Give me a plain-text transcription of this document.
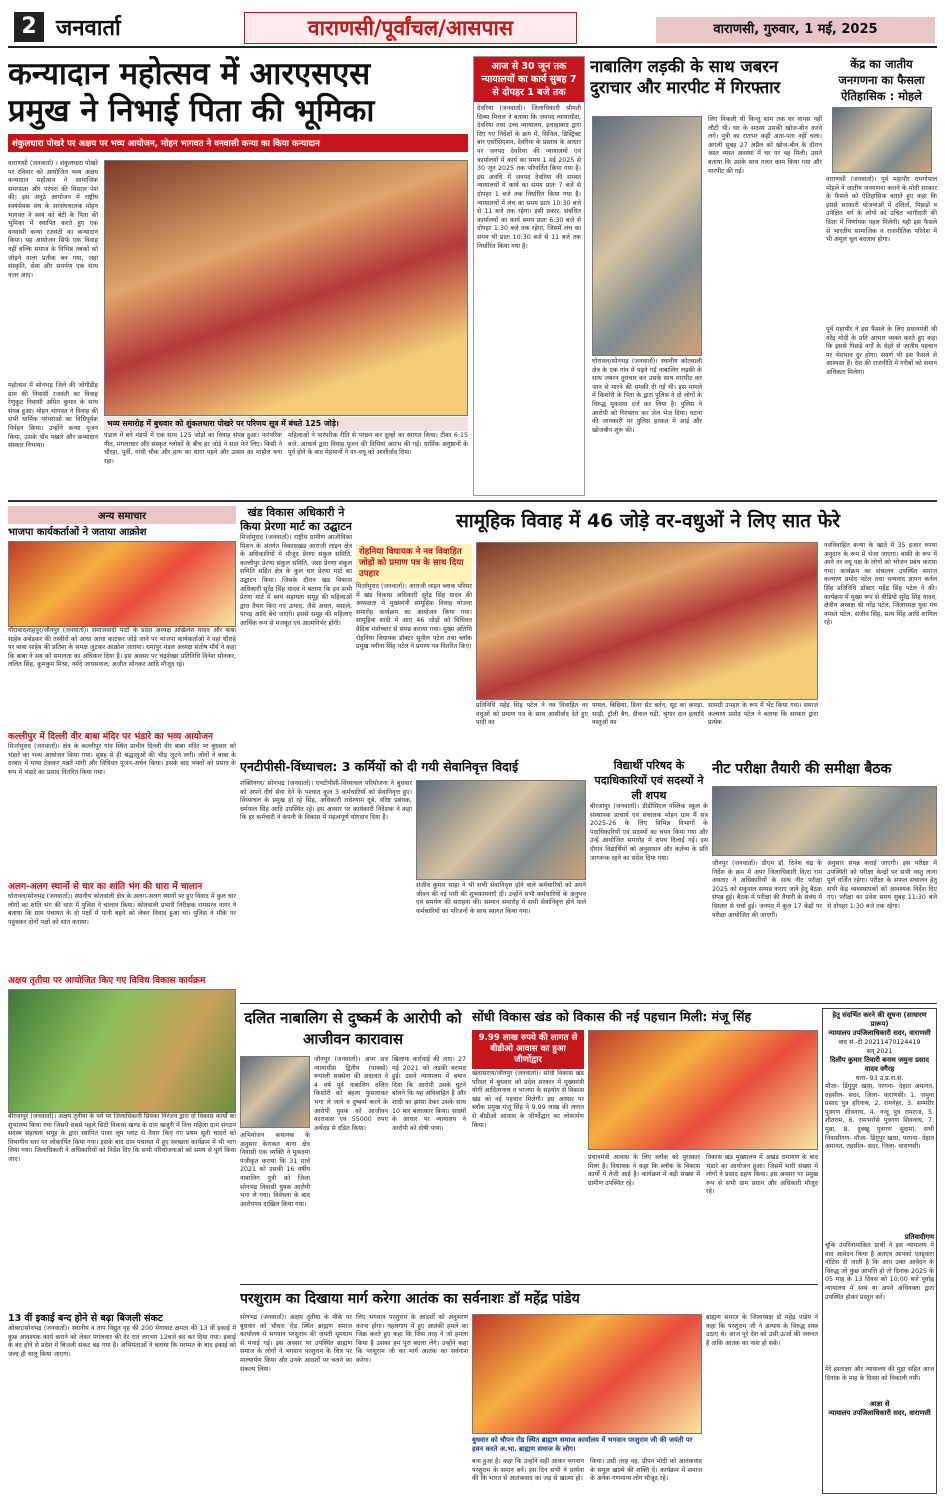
2 जनवार्ता	वाराणसी/पूर्वांचल/आसपास	वाराणसी, गुरुवार, 1 मई, 2025
कन्यादान महोत्सव में आरएसएस
प्रमुख ने निभाई पिता की भूमिका
शंकुलधारा पोखरे पर अक्षय पर भव्य आयोजन, मोहन भागवत ने वनवासी कन्या का किया कन्यादान
वाराणसी (जनवार्ता) । शंकुलधारा पोखरे पर रविवार को आयोजित भव्य अक्षय कन्यादान महोत्सव ने सामाजिक समरसता और परंपरा की मिसाल पेश की। इस अनूठे आयोजन में राष्ट्रीय स्वयंसेवक संघ के सरसंघचालक मोहन भागवत ने स्वयं को बेटी के पिता की भूमिका में स्थापित करते हुए एक वनवासी कन्या रजवंती का कन्यादान किया। यह आयोजन सिर्फ एक विवाह नहीं बल्कि समाज के विभिन्न तबकों को जोड़ने वाला प्रतीक बन गया, जहां संस्कृति, सेवा और समर्पण एक साथ नजर आए।
महोत्सव में सोनभद्र जिले की जोगीडीह ग्राम की निवासी रजवंती का विवाह रेणुकूट निवासी अमित कुमार के साथ संपन्न हुआ। मोहन भागवत ने विवाह की सभी धार्मिक परंपराओं का विधिपूर्वक निर्वहन किया। उन्होंने कन्या पूजन किया, उसके पाँव पखारे और कन्यादान संस्कार निभाया।
भव्य समारोह में बुधवार को शुंकलधारा पोखरे पर परिणय सूत्र में बंधते 125 जोड़े।
पंडाल में बने मंडपों में एक साथ 125 जोड़ों का विवाह संपन्न हुआ। पारंपरिक गीत, मंगलाचार और संस्कृत श्लोकों के बीच हर जोड़े ने सात फेरे लिए। किसी ने चौरहा, पूर्वी, गांधी चौक और हाथ का धागा पहने और उत्सव का माहौल बना रहा।
महिलाओं ने पारंपरिक रीति से परछन कर दूल्हों का स्वागत किया। टीका 6:15 बजे, आचार्य द्वारा विवाह पूजन की विधियां आरंभ की गईं। धार्मिक अनुष्ठानों के पूर्व होने के बाद मेहमानों ने वर-वधू को आशीर्वाद दिया।
आज से 30 जून तक न्यायालयों का कार्य सुबह 7 से दोपहर 1 बजे तक
देवरिया (जनवार्ता)। जिलाधिकारी श्रीमती दिव्या मित्तल ने बताया कि जनपद न्यायाधीश, देवरिया तथा उच्च न्यायालय, इलाहाबाद द्वारा दिए गए निर्देशों के क्रम में, सिविल, डिस्ट्रिक्ट बार एसोसिएशन, देवरिया के प्रस्ताव के आधार पर जनपद देवरिया की न्यायालयों एवं कार्यालयों में कार्य का समय 1 मई 2025 से 30 जून 2025 तक परिवर्तित किया गया है। इस अवधि में जनपद देवरिया की समस्त न्यायालयों में कार्य का समय प्रातः 7 बजे से दोपहर 1 बजे तक निर्धारित किया गया है। न्यायालयों में लंच का समय प्रातः 10:30 बजे से 11 बजे तक रहेगा। इसी प्रकार, संबंधित कार्यालयों का कार्य समय प्रातः 6:30 बजे से दोपहर 1:30 बजे तक रहेगा, जिसमें लंच का समय भी प्रातः 10:30 बजे से 11 बजे तक निर्धारित किया गया है।
नाबालिग लड़की के साथ जबरन दुराचार और मारपीट में गिरफ्तार
घोरावल/सोनभद्र (जनवार्ता)। स्थानीय कोतवाली क्षेत्र के एक गांव में पढ़ने गई नाबालिग लड़की के साथ जबरन दुराचार कर उसके साथ मारपीट कर जान से मारने की धमकी दी गई थी। इस मामले में किशोरी के पिता के द्वारा पुलिस ने दो लोगों के विरुद्ध मुकदमा दर्ज कर लिया है। पुलिस ने आरोपी को गिरफ्तार कर जेल भेज दिया। घटना की जानकारी पर पुलिस हरकत में आई और खोजबीन शुरू की।
लिए निकली थी किन्तु शाम तक घर वापस नहीं लौटी थी। घर के सदस्य उसकी खोज-बीन करने लगे। पुत्री का रातभर कहीं अता-पता नहीं चला। अगली सुबह 27 अप्रैल को खोज-बीन के दौरान अस्त व्यस्त अवस्था में घर पर वह मिली। उसने बताया कि उसके साथ गलत काम किया गया और मारपीट की गई।
केंद्र का जातीय
जनगणना का फैसला
ऐतिहासिक : मोहले
वाराणसी (जनवार्ता)। पूर्व महापौर रामगोपाल मोहले ने जातीय जनगणना कराने के मोदी सरकार के फैसले को ऐतिहासिक बताते हुए कहा कि इससे सरकारी योजनाओं में दलितों, पिछड़ों व उपेक्षित वर्ग के लोगों को उचित भागीदारी की दिशा में निर्णायक पहल मिलेगी। यही इस फैसले से भारतीय सामाजिक व राजनीतिक परिवेश में भी अमूल चूल बदलाव होगा।
पूर्व महापौर ने इस फैसले के लिए प्रधानमंत्री श्री नरेंद्र मोदी के प्रति आभार व्यक्त करते हुए कहा कि इससे पिछड़े वर्गों के चेहरे से जातीय पहचान पर भेदभाव दूर होगा। सवर्ण भी इस फैसले से आश्वस्त हैं। देश की राजनीति में गरीबों को समान अधिकार मिलेगा।
अन्य समाचार
भाजपा कार्यकर्ताओं ने जताया आक्रोश
गौराबादशाहपुर/जौनपुर (जनवार्ता)। समाजवादी पार्टी के प्रदेश अध्यक्ष अखिलेश यादव और बाबा साहेब अंबेडकर की तस्वीरों को आधा आधा काटकर जोड़े जाने पर भाजपा कार्यकर्ताओं ने वहां चौराहे पर बाबा साहेब की प्रतिमा के समक्ष जुटकर आक्रोश जताया। धमापुर मंडल अध्यक्ष संतोष मौर्य ने कहा कि बाबा ने सब को समानता का अधिकार दिया है। इस अवसर पर चंद्रशेखर प्रतिनिधि दिनेश सोनकर, ललित सिंह, कुमकुम मिश्रा, नर्मदे जायसवाल, अजीत सोनकर आदि मौजूद रहे।
कल्लीपुर में दिल्ली वीर बाबा मंदिर पर भंडारे का भव्य आयोजन
मिर्जामुराद (जनवार्ता)। क्षेत्र के कल्लीपुर गांव स्थित प्राचीन दिल्ली वीर बाबा मंदिर पर बुधवार को भंडारे का भव्य आयोजन किया गया। सुबह से ही श्रद्धालुओं की भीड़ जुटने लगी। लोगों ने बाबा के दरबार में माथा टेककर मन्नतें मांगी और विधिवत पूजन-अर्चन किया। इसके बाद भक्तों को प्रसाद के रूप में भंडारे का प्रसाद वितरित किया गया।
अलग-अलग स्थानों से चार का शांति भंग की धारा में चालान
घोरावल/सोनभद्र (जनवार्ता)। स्थानीय कोतवाली क्षेत्र के अलग-अलग स्थानों पर हुए विवाद में कुल चार लोगों का शांति भंग की धारा में पुलिस ने चालान किया। कोतवाली प्रभारी निरीक्षक रामसरन नागर ने बताया कि ग्राम पंचायत के दो पक्षों में पानी बहने को लेकर विवाद हुआ था। पुलिस ने मौके पर पहुंचकर दोनों पक्षों को शांत कराया।
अक्षय तृतीया पर आयोजित किए गए विविध विकास कार्यक्रम
बीरजापुर (जनवार्ता)। अक्षय तृतीया के पर्व पर जिलाधिकारी प्रियंका निरंजन द्वारा दो विकास कार्यों का शुभारम्भ किया गया जिसमें सबसे पहले सिटी विकास खण्ड के ग्राम खजुरी में वित्त महिला ग्राम संगठन सदस्य सहायता समूह के द्वारा स्थापित पावर लूम प्लांट से तैयार किए गए प्रथम सूती चादरों को विभागीय स्तर पर लोकार्पित किया गया। इसके बाद ग्राम पंचायत में हुए स्वच्छता कार्यक्रम में भी भाग लिया गया। जिलाधिकारी ने अधिकारियों को निर्देश दिए कि सभी परियोजनाओं को समय से पूर्ण किया जाए।
13 वीं इकाई बन्द होने से बढ़ा बिजली संकट
ओबरा/सोनभद्र (जनवार्ता)। स्थानीय व ताप विद्युत गृह की 200 मेगावाट क्षमता की 13 वीं इकाई में कुछ आवश्यक कार्य कराने को लेकर मंगलवार की देर रात लगभग 12बजे बंद कर दिया गया। इकाई के बंद होने से प्रदेश में बिजली संकट बढ़ गया है। अभियंताओं ने बताया कि मरम्मत के बाद इकाई को जल्द ही चालू किया जाएगा।
खंड विकास अधिकारी ने किया प्रेरणा मार्ट का उद्घाटन
मिर्जामुराद (जनवार्ता)। राष्ट्रीय ग्रामीण आजीविका मिशन के अंतर्गत विकासखंड आराजी लाइन क्षेत्र के अधिकारियों में मौजूद प्रेरणा संकुल समिति, कल्लीपुर प्रेरणा संकुल समिति, जंसा प्रेरणा संकुल समिति सहित क्षेत्र के कुल चार प्रेरणा मार्ट का उद्घाटन किया। जिसके दौरान खंड विकास अधिकारी सुरेंद्र सिंह यादव ने बताया कि इन सभी प्रेरणा मार्ट में स्वयं सहायता समूह की महिलाओं द्वारा तैयार किए गए उत्पाद, जैसे अचार, मसाले, पापड़ आदि बेचे जाएंगे। इससे समूह की महिलाएं आर्थिक रूप से मजबूत एवं आत्मनिर्भर होंगी।
रोहनिया विधायक ने नव विवाहित जोड़ों को प्रमाण पत्र के साथ दिया उपहार
मिर्जामुराद (जनवार्ता)। आराजी लाइन ब्लाक परिसर में खंड विकास अधिकारी सुरेंद्र सिंह यादव की अध्यक्षता में मुख्यमंत्री सामूहिक विवाह योजना समारोह कार्यक्रम का आयोजन किया गया। सामूहिक शादी में आए 46 जोड़ों को विधिवत वैदिक मंत्रोच्चार से संपन्न कराया गया। मुख्य अतिथि रोहनिया विधायक डॉक्टर सुनील पटेल तथा ब्लॉक प्रमुख नगीना सिंह पटेल ने प्रमाण पत्र वितरित किए।
सामूहिक विवाह में 46 जोड़े वर-वधुओं ने लिए सात फेरे
प्रतिनिधि महेंद्र सिंह पटेल ने नव विवाहित वर वधुओं को प्रमाण पत्र के साथ आशीर्वाद देते हुए पादी का
पायल, बिछिया, डिनर सेट बर्तन, सूट का कपड़ा, साड़ी, ट्रॉली बैग, दीवाल घड़ी, श्रृंगार दान इत्यादि वस्तुओं का
सामग्री उपहार के रूप में भेंट किया गया। समाज कल्याण प्रमोद पटेल ने बताया कि सरकार द्वारा प्रत्येक
नवविवाहित कन्या के खाते में 35 हजार रुपया अनुदान के रूप में भेजा जाएगा। बाकी के रूप में आने वर वधू पक्ष के लोगों को भोजन प्रबंध कराया गया। कार्यक्रम का संचालन उपस्थित समाज कल्याण प्रमोद पटेल तथा धन्यवाद ज्ञापन कर्नल सिंह प्रतिनिधि डॉक्टर महेंद्र सिंह पटेल ने की। कार्यक्रम में मुख्य रूप से वीडियो सुरेंद्र सिंह यादव, क्षेत्रीय अध्यक्ष श्री नरेंद्र पटेल, जिलाध्यक्ष युवा मंच नमस्ते पटेल, संजीव सिंह, सत्य सिंह आदि शामिल रहे।
एनटीपीसी-विंध्याचल: 3 कर्मियों को दी गयी सेवानिवृत्त विदाई
शक्तिनगर/ सोनभद्र (जनवार्ता)। एनटीपीसी-विंध्याचल परियोजना ने बुधवार को अपने दीर्घ सेवा देने के पश्चात कुल 3 कर्मचारियों को सेवानिवृत्त हुए। विंध्याचल के प्रमुख हो रहे सिंह, अधिकारी राधेश्याम दूबे, वरिष्ठ प्रबंधक, धर्मपाल सिंह आदि उपस्थित रहे। इस अवसर पर कार्यकारी निदेशक ने कहा कि हर कर्मचारी ने कंपनी के विकास में महत्वपूर्ण योगदान दिया है।
संजीव कुमार साहा ने भी सभी सेवानिवृत्त होने वाले कर्मचारियों को अपने जीवन की नई पारी की शुभकामनाएँ दीं। उन्होंने सभी कर्मचारियों के अनुभव एवं समर्पण की सराहना की। सम्मान समारोह में सभी सेवानिवृत्त होने वाले कर्मचारियों का परिजनों के साथ स्वागत किया गया।
विद्यार्थी परिषद के पदाधिकारियों एवं सदस्यों ने ली शपथ
बीरजापुर (जनवार्ता)। डीडीसिएल पब्लिक स्कूल के संस्थापक प्राचार्य एवं संचालक मोहन ग्राम मैं सत्र 2025-26 के लिए विभिन्न विभागों के पदाधिकारियों एवं सदस्यों का चयन किया गया और उन्हें आयोजित समारोह में शपथ दिलाई गई। इस दौरान विद्यार्थियों को अनुशासन और कर्तव्य के प्रति जागरूक रहने का संदेश दिया गया।
नीट परीक्षा तैयारी की समीक्षा बैठक
जौनपुर (जनवार्ता)। डीएम डॉ. दिनेश चंद्र के निर्देश के क्रम में अपर जिलाधिकारी वि/रा राम अवतार ने अधिकारियों के साथ नीट परीक्षा 2025 को सकुशल सम्पन्न कराए जाने हेतु बैठक संपन्न हुई। बैठक में परीक्षा की तैयारी के संबंध में विस्तार से चर्चा हुई। जनपद में कुल 17 केंद्रों पर परीक्षा आयोजित की जाएगी।
अनुसार संपन्न कराई जाएगी। इस परीक्षा में उपस्थिती को परीक्षा केन्द्रों पर सभी वस्तु लाना पूर्ण वर्जित रहेगा। परीक्षा के सफल संचालन हेतु सभी केंद्र व्यवस्थापकों को आवश्यक निर्देश दिए गए। परीक्षा का प्रवेश समय सुबह 11:30 बजे से दोपहर 1:30 बजे तक रहेगा।
दलित नाबालिग से दुष्कर्म के आरोपी को आजीवन कारावास
जौनपुर (जनवार्ता)। अपर सत्र न्यायाधीश द्वितीय (पाक्सो) रूपाली सक्सेना की अदालत ने 4 वर्ष पूर्व नाबालिग दलित किशोरी को बहला फुसलाकर भगा ले जाने व दुष्कर्म करने के आरोपी युवक को आजीवन कारावास एवं 55000 रुपए अर्थदंड से दंडित किया।
अभियोजन कथानक के अनुसार केराकत थाना क्षेत्र निवासी एक व्यक्ति ने मुकदमा पंजीकृत कराया कि 31 मार्च 2021 को उसकी 16 वर्षीय नाबालिग पुत्री को जिला सोनभद्र निवासी युवक आरोपी भगा ले गया। विवेचना के बाद आरोपपत्र दाखिल किया गया।
खिलाफ कार्रवाई की जाए। 27 मई 2021 को लड़की बरामद हुई। उसने न्यायालय में बयान दिया कि आरोपी उसके घुटने बोलने कि यह अविवाहित है और शादी का झांसा देकर उसके साथ 10 बार बलात्कार किया। साक्ष्यों के आधार पर न्यायालय ने आरोपी को दोषी पाया।
सोंधी विकास खंड को विकास की नई पहचान मिली: मंजू सिंह
9.99 लाख रुपये की लागत से बीडीओ आवास का हुआ जीर्णोद्वार
खेतासराय/जौनपुर (जनवार्ता)। सोंधी विकास खंड परिसर में बुधवार को प्रदेश सरकार में मुख्यमंत्री योगी आदित्यनाथ व भाजपा के सहयोग से विकास खंड को नई पहचान मिलेगी। इस अवसर पर ब्लॉक प्रमुख मंजू सिंह ने 9.99 लाख की लागत से बीडीओ आवास के जीर्णोद्धार का लोकार्पण किया।
प्रधानमंत्री आवास के लिए ब्लॉक को पुरस्कार मिला है। विधायक ने कहा कि ब्लॉक के विकास कार्यों में तेजी आई है। कार्यक्रम में बड़ी संख्या में ग्रामीण उपस्थित रहे।
विकास खंड मुख्यालय में अखंड रामायण के बाद भंडारे का आयोजन हुआ। जिसमें भारी संख्या में लोगों ने प्रसाद ग्रहण किया। इस अवसर पर प्रमुख रूप से सभी ग्राम प्रधान और अधिकारी मौजूद रहे।
हेतु संदर्भित करने की सूचना (साधारण प्रारूप)
न्यायालय उपजिलाधिकारी सदर, वाराणसी
वाद सं.-टी 20211470124419
सन् 2021
दिलीप कुमार तिवारी बनाम जमुना प्रसाद यादव वगैरह
धारा- 93 उ.प्र.रा.सं.
मौजा- डिंगुपुर खास, परगना- देहात अमानत, तहसील- सदर, जिला- वाराणसी। 1. जमुना प्रसाद पुत्र हरिनाथ, 2. रामनेहर, 3. सम्भरीर पुत्रगण शीवनाथ, 4. नन्दू पुत्र रामराज, 5. शीतराम, 6. रामभरोसे पुत्रगण शिवनाथ, 7. मुन्ना, 8. दुक्खू पुत्रगण सुदामा, सभी निवासीगण- मौजा- डिंगुपुर खास, परगना- देहात अमानत, तहसील- सदर, जिला- वाराणसी।
प्रतिवादीगण
चूंकि उपरिनामांकित प्रार्थी ने इस न्यायालय में वाद आवेदन किया है अतएव आपको एतद्द्वारा नोटिस दी जाती है कि आप उक्त आवेदन के विरुद्ध जो कुछ आपत्ति हो तो दिनांक 2025 के 05 माह के 13 दिवस को 10:00 बजे पूर्वाह्न न्यायालय में स्वयं या अपने अधिवक्ता द्वारा उपस्थित होकर प्रस्तुत करें।
मेरे हस्ताक्षर और न्यायालय की मुद्रा सहित आज दिनांक के माह के दिवस को निकाली गयी।
आज्ञा से
न्यायालय उपजिलाधिकारी सदर, वाराणसी
परशुराम का दिखाया मार्ग करेगा आतंक का सर्वनाशः डॉ महेंद्र पांडेय
सोनभद्र (जनवार्ता)। अक्षय तृतीया के मौके पर बुधवार को चौधरा रोड स्थित ब्राह्मण समाज कार्यालय में भगवान परशुराम की जयंती धूमधाम से मनाई गई। इस अवसर पर उपस्थित ब्राह्मण समाज के लोगों ने भगवान परशुराम के चित्र पर माल्यार्पण किया और उनके आदर्शों पर चलने का संकल्प लिया।
लिए भगवान परशुराम के आदर्शों को अनुसरण करना होगा। पहलगाम में हुए आतंकी हमले का जिक्र करते हुए कहा कि जिस तरह ने जो हमला किया है उसका हम पूरा बदला लेंगे। उन्होंने कहा कि परशुराम जी का मार्ग आतंक का सर्वनाश करेगा।
बुधवार को चौपन रोड स्थित ब्राह्मण समाज कार्यालय में भगवान परशुराम जी की जयंती पर हवन करते अ.भा. ब्राह्मण समाज के लोग।
बना हुआ है। कहा कि उन्होंने सही आकर भगवान परशुराम के समान बनें। इस दिन सभी ने प्रार्थना की कि भारत से आतंकवाद का जड़ से खात्मा हो।
किया। उसी तरह वह, प्रीपन मोदी को आतंकवाद के समूल खात्मे की शक्ति दें। कार्यक्रम में समाज के अनेक गणमान्य लोग मौजूद रहे।
ब्राह्मण समाज के जिलाध्यक्ष डॉ महेंद्र पांडेय ने कहा कि परशुराम जी ने अन्याय के विरुद्ध शस्त्र उठाए थे। आज पूरे देश को उसी ऊर्जा की जरूरत है ताकि आतंक का नाश हो सके।
